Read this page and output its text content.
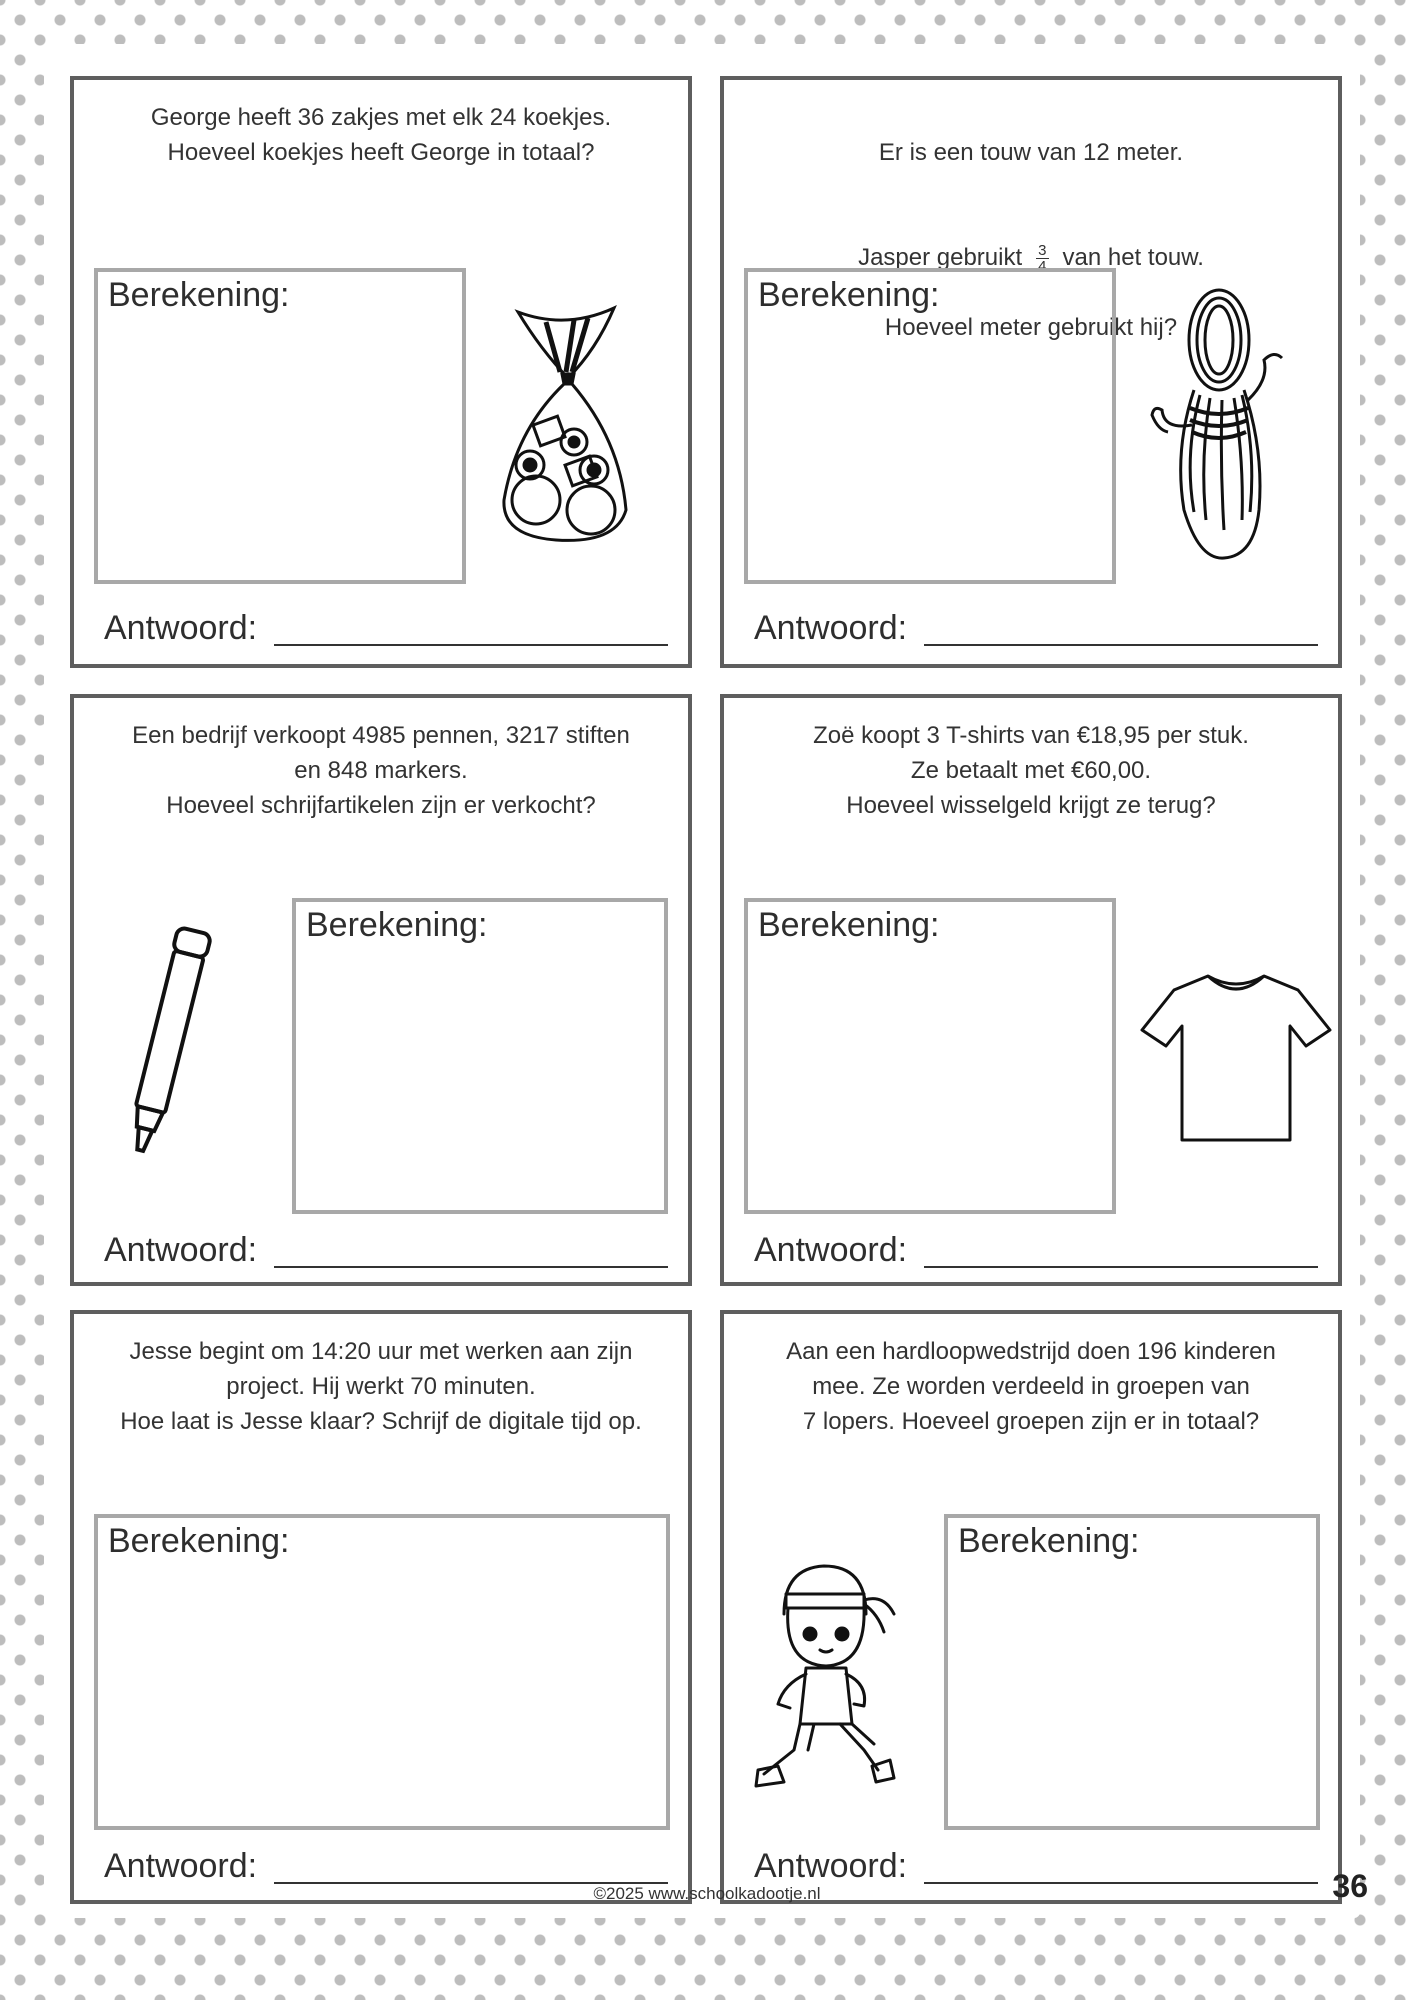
George heeft 36 zakjes met elk 24 koekjes.
Hoeveel koekjes heeft George in totaal?
Berekening:
Antwoord:

Er is een touw van 12 meter.

Jasper gebruikt $\frac{3}{4}$ van het touw.

Hoeveel meter gebruikt hij?

Berekening:
Antwoord:
Een bedrijf verkoopt 4985 pennen, 3217 stiften
en 848 markers.
Hoeveel schrijfartikelen zijn er verkocht?
Berekening:
Antwoord:
Zoë koopt 3 T-shirts van €18,95 per stuk.
Ze betaalt met €60,00.
Hoeveel wisselgeld krijgt ze terug?
Berekening:
Antwoord:
Jesse begint om 14:20 uur met werken aan zijn
project. Hij werkt 70 minuten.
Hoe laat is Jesse klaar? Schrijf de digitale tijd op.
Berekening:
Antwoord:
Aan een hardloopwedstrijd doen 196 kinderen
mee. Ze worden verdeeld in groepen van
7 lopers. Hoeveel groepen zijn er in totaal?
Berekening:
Antwoord:
©2025 www.schoolkadootje.nl	36
